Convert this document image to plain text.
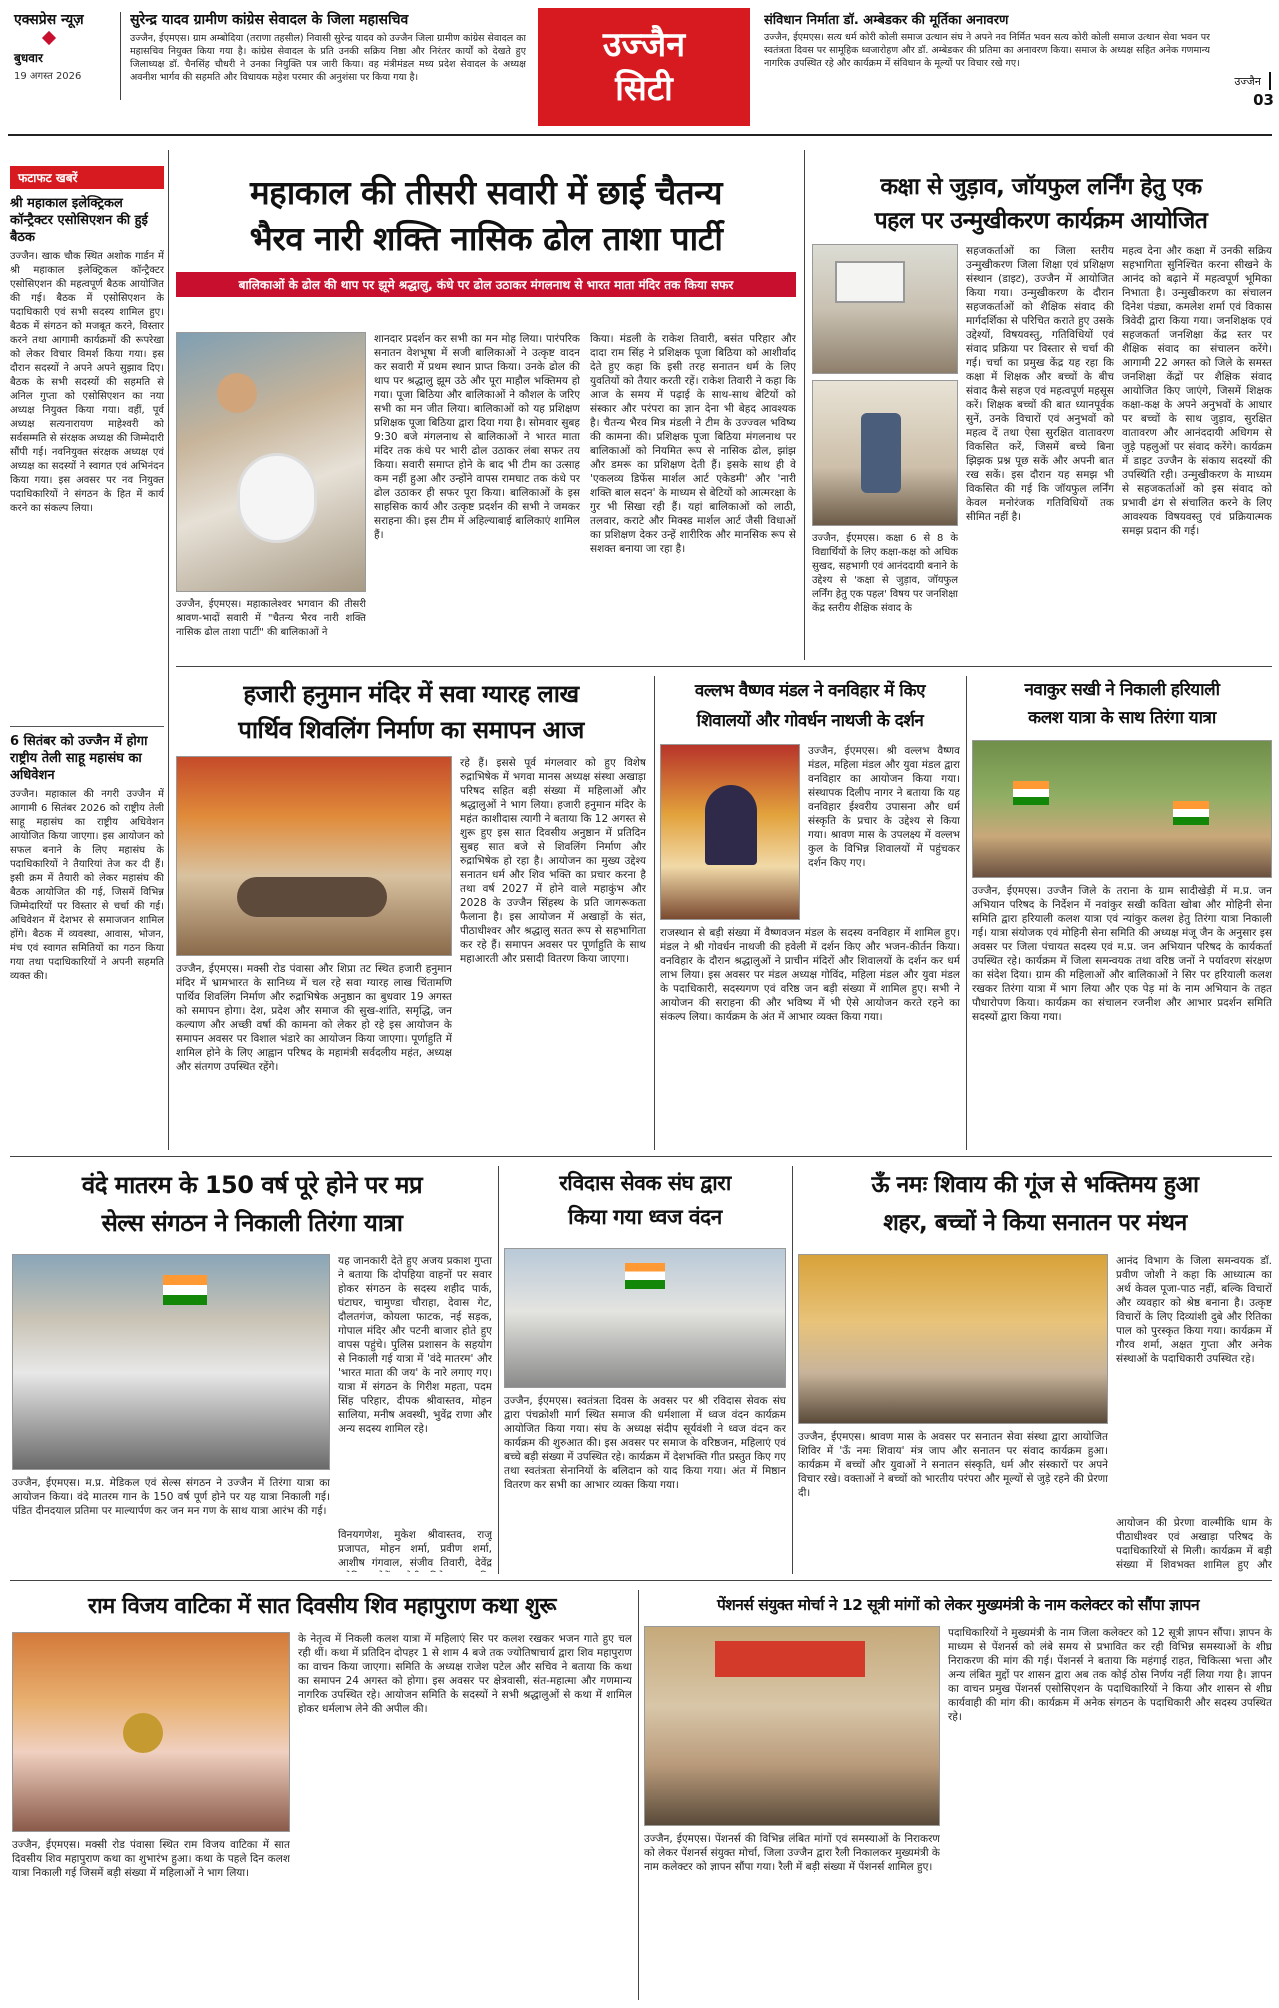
एक्सप्रेस न्यूज़
बुधवार
19 अगस्त 2026
सुरेन्द्र यादव ग्रामीण कांग्रेस सेवादल के जिला महासचिव
उज्जैन, ईएमएस। ग्राम अम्बोदिया (तराणा तहसील) निवासी सुरेन्द्र यादव को उज्जैन जिला ग्रामीण कांग्रेस सेवादल का महासचिव नियुक्त किया गया है। कांग्रेस सेवादल के प्रति उनकी सक्रिय निष्ठा और निरंतर कार्यों को देखते हुए जिलाध्यक्ष डॉ. चैनसिंह चौधरी ने उनका नियुक्ति पत्र जारी किया। वह मंत्रीमंडल मध्य प्रदेश सेवादल के अध्यक्ष अवनीश भार्गव की सहमति और विधायक महेश परमार की अनुशंसा पर किया गया है।
उज्जैन
सिटी
संविधान निर्माता डॉ. अम्बेडकर की मूर्तिका अनावरण
उज्जैन, ईएमएस। सत्य धर्म कोरी कोली समाज उत्थान संघ ने अपने नव निर्मित भवन सत्य कोरी कोली समाज उत्थान सेवा भवन पर स्वतंत्रता दिवस पर सामूहिक ध्वजारोहण और डॉ. अम्बेडकर की प्रतिमा का अनावरण किया। समाज के अध्यक्ष सहित अनेक गणमान्य नागरिक उपस्थित रहे और कार्यक्रम में संविधान के मूल्यों पर विचार रखे गए।
उज्जैन  03
फटाफट खबरें
श्री महाकाल इलेक्ट्रिकल कॉन्ट्रैक्टर एसोसिएशन की हुई बैठक
उज्जैन। खाक चौक स्थित अशोक गार्डन में श्री महाकाल इलेक्ट्रिकल कॉन्ट्रैक्टर एसोसिएशन की महत्वपूर्ण बैठक आयोजित की गई। बैठक में एसोसिएशन के पदाधिकारी एवं सभी सदस्य शामिल हुए। बैठक में संगठन को मजबूत करने, विस्तार करने तथा आगामी कार्यक्रमों की रूपरेखा को लेकर विचार विमर्श किया गया। इस दौरान सदस्यों ने अपने अपने सुझाव दिए। बैठक के सभी सदस्यों की सहमति से अनिल गुप्ता को एसोसिएशन का नया अध्यक्ष नियुक्त किया गया। वहीं, पूर्व अध्यक्ष सत्यनारायण माहेश्वरी को सर्वसम्मति से संरक्षक अध्यक्ष की जिम्मेदारी सौंपी गई। नवनियुक्त संरक्षक अध्यक्ष एवं अध्यक्ष का सदस्यों ने स्वागत एवं अभिनंदन किया गया। इस अवसर पर नव नियुक्त पदाधिकारियों ने संगठन के हित में कार्य करने का संकल्प लिया।
6 सितंबर को उज्जैन में होगा राष्ट्रीय तेली साहू महासंघ का अधिवेशन
उज्जैन। महाकाल की नगरी उज्जैन में आगामी 6 सितंबर 2026 को राष्ट्रीय तेली साहू महासंघ का राष्ट्रीय अधिवेशन आयोजित किया जाएगा। इस आयोजन को सफल बनाने के लिए महासंघ के पदाधिकारियों ने तैयारियां तेज कर दी हैं। इसी क्रम में तैयारी को लेकर महासंघ की बैठक आयोजित की गई, जिसमें विभिन्न जिम्मेदारियों पर विस्तार से चर्चा की गई। अधिवेशन में देशभर से समाजजन शामिल होंगे। बैठक में व्यवस्था, आवास, भोजन, मंच एवं स्वागत समितियों का गठन किया गया तथा पदाधिकारियों ने अपनी सहमति व्यक्त की।
महाकाल की तीसरी सवारी में छाई चैतन्य
भैरव नारी शक्ति नासिक ढोल ताशा पार्टी
बालिकाओं के ढोल की थाप पर झूमे श्रद्धालु, कंधे पर ढोल उठाकर मंगलनाथ से भारत माता मंदिर तक किया सफर
उज्जैन, ईएमएस। महाकालेश्वर भगवान की तीसरी श्रावण-भादों सवारी में "चैतन्य भैरव नारी शक्ति नासिक ढोल ताशा पार्टी" की बालिकाओं ने
शानदार प्रदर्शन कर सभी का मन मोह लिया। पारंपरिक सनातन वेशभूषा में सजी बालिकाओं ने उत्कृष्ट वादन कर सवारी में प्रथम स्थान प्राप्त किया। उनके ढोल की थाप पर श्रद्धालु झूम उठे और पूरा माहौल भक्तिमय हो गया। पूजा बिठिया और बालिकाओं ने कौशल के जरिए सभी का मन जीत लिया। बालिकाओं को यह प्रशिक्षण प्रशिक्षक पूजा बिठिया द्वारा दिया गया है। सोमवार सुबह 9:30 बजे मंगलनाथ से बालिकाओं ने भारत माता मंदिर तक कंधे पर भारी ढोल उठाकर लंबा सफर तय किया। सवारी समाप्त होने के बाद भी टीम का उत्साह कम नहीं हुआ और उन्होंने वापस रामघाट तक कंधे पर ढोल उठाकर ही सफर पूरा किया। बालिकाओं के इस साहसिक कार्य और उत्कृष्ट प्रदर्शन की सभी ने जमकर सराहना की। इस टीम में अहिल्याबाई बालिकाएं शामिल हैं।
किया। मंडली के राकेश तिवारी, बसंत परिहार और दादा राम सिंह ने प्रशिक्षक पूजा बिठिया को आशीर्वाद देते हुए कहा कि इसी तरह सनातन धर्म के लिए युवतियों को तैयार करती रहें। राकेश तिवारी ने कहा कि आज के समय में पढ़ाई के साथ-साथ बेटियों को संस्कार और परंपरा का ज्ञान देना भी बेहद आवश्यक है। चैतन्य भैरव मित्र मंडली ने टीम के उज्ज्वल भविष्य की कामना की। प्रशिक्षक पूजा बिठिया मंगलनाथ पर बालिकाओं को नियमित रूप से नासिक ढोल, झांझ और डमरू का प्रशिक्षण देती हैं। इसके साथ ही वे 'एकलव्य डिफेंस मार्शल आर्ट एकेडमी' और 'नारी शक्ति बाल सदन' के माध्यम से बेटियों को आत्मरक्षा के गुर भी सिखा रही हैं। यहां बालिकाओं को लाठी, तलवार, कराटे और मिक्स्ड मार्शल आर्ट जैसी विधाओं का प्रशिक्षण देकर उन्हें शारीरिक और मानसिक रूप से सशक्त बनाया जा रहा है।
कक्षा से जुड़ाव, जॉयफुल लर्निंग हेतु एक
पहल पर उन्मुखीकरण कार्यक्रम आयोजित
उज्जैन, ईएमएस। कक्षा 6 से 8 के विद्यार्थियों के लिए कक्षा-कक्ष को अधिक सुखद, सहभागी एवं आनंददायी बनाने के उद्देश्य से 'कक्षा से जुड़ाव, जॉयफुल लर्निंग हेतु एक पहल' विषय पर जनशिक्षा केंद्र स्तरीय शैक्षिक संवाद के
सहजकर्ताओं का जिला स्तरीय उन्मुखीकरण जिला शिक्षा एवं प्रशिक्षण संस्थान (डाइट), उज्जैन में आयोजित किया गया। उन्मुखीकरण के दौरान सहजकर्ताओं को शैक्षिक संवाद की मार्गदर्शिका से परिचित कराते हुए उसके उद्देश्यों, विषयवस्तु, गतिविधियों एवं संवाद प्रक्रिया पर विस्तार से चर्चा की गई। चर्चा का प्रमुख केंद्र यह रहा कि कक्षा में शिक्षक और बच्चों के बीच संवाद कैसे सहज एवं महत्वपूर्ण महसूस करें। शिक्षक बच्चों की बात ध्यानपूर्वक सुनें, उनके विचारों एवं अनुभवों को महत्व दें तथा ऐसा सुरक्षित वातावरण विकसित करें, जिसमें बच्चे बिना झिझक प्रश्न पूछ सकें और अपनी बात रख सकें। इस दौरान यह समझ भी विकसित की गई कि जॉयफुल लर्निंग केवल मनोरंजक गतिविधियों तक सीमित नहीं है।
महत्व देना और कक्षा में उनकी सक्रिय सहभागिता सुनिश्चित करना सीखने के आनंद को बढ़ाने में महत्वपूर्ण भूमिका निभाता है। उन्मुखीकरण का संचालन दिनेश पंड्या, कमलेश शर्मा एवं विकास त्रिवेदी द्वारा किया गया। जनशिक्षक एवं सहजकर्ता जनशिक्षा केंद्र स्तर पर शैक्षिक संवाद का संचालन करेंगे। आगामी 22 अगस्त को जिले के समस्त जनशिक्षा केंद्रों पर शैक्षिक संवाद आयोजित किए जाएंगे, जिसमें शिक्षक कक्षा-कक्ष के अपने अनुभवों के आधार पर बच्चों के साथ जुड़ाव, सुरक्षित वातावरण और आनंददायी अधिगम से जुड़े पहलुओं पर संवाद करेंगे। कार्यक्रम में डाइट उज्जैन के संकाय सदस्यों की उपस्थिति रही। उन्मुखीकरण के माध्यम से सहजकर्ताओं को इस संवाद को प्रभावी ढंग से संचालित करने के लिए आवश्यक विषयवस्तु एवं प्रक्रियात्मक समझ प्रदान की गई।
हजारी हनुमान मंदिर में सवा ग्यारह लाख
पार्थिव शिवलिंग निर्माण का समापन आज
उज्जैन, ईएमएस। मक्सी रोड पंवासा और शिप्रा तट स्थित हजारी हनुमान मंदिर में भ्रामभारत के सानिध्य में चल रहे सवा ग्यारह लाख चिंतामणि पार्थिव शिवलिंग निर्माण और रुद्राभिषेक अनुष्ठान का बुधवार 19 अगस्त को समापन होगा। देश, प्रदेश और समाज की सुख-शांति, समृद्धि, जन कल्याण और अच्छी वर्षा की कामना को लेकर हो रहे इस आयोजन के समापन अवसर पर विशाल भंडारे का आयोजन किया जाएगा। पूर्णाहुति में शामिल होने के लिए आह्वान परिषद के महामंत्री सर्वदलीय महंत, अध्यक्ष और संतगण उपस्थित रहेंगे।
रहे हैं। इससे पूर्व मंगलवार को हुए विशेष रुद्राभिषेक में भगवा मानस अध्यक्ष संस्था अखाड़ा परिषद सहित बड़ी संख्या में महिलाओं और श्रद्धालुओं ने भाग लिया। हजारी हनुमान मंदिर के महंत काशीदास त्यागी ने बताया कि 12 अगस्त से शुरू हुए इस सात दिवसीय अनुष्ठान में प्रतिदिन सुबह सात बजे से शिवलिंग निर्माण और रुद्राभिषेक हो रहा है। आयोजन का मुख्य उद्देश्य सनातन धर्म और शिव भक्ति का प्रचार करना है तथा वर्ष 2027 में होने वाले महाकुंभ और 2028 के उज्जैन सिंहस्थ के प्रति जागरूकता फैलाना है। इस आयोजन में अखाड़ों के संत, पीठाधीश्वर और श्रद्धालु सतत रूप से सहभागिता कर रहे हैं। समापन अवसर पर पूर्णाहुति के साथ महाआरती और प्रसादी वितरण किया जाएगा।
वल्लभ वैष्णव मंडल ने वनविहार में किए
शिवालयों और गोवर्धन नाथजी के दर्शन
उज्जैन, ईएमएस। श्री वल्लभ वैष्णव मंडल, महिला मंडल और युवा मंडल द्वारा वनविहार का आयोजन किया गया। संस्थापक दिलीप नागर ने बताया कि यह वनविहार ईश्वरीय उपासना और धर्म संस्कृति के प्रचार के उद्देश्य से किया गया। श्रावण मास के उपलक्ष्य में वल्लभ कुल के विभिन्न शिवालयों में पहुंचकर दर्शन किए गए।
राजस्थान से बड़ी संख्या में वैष्णवजन मंडल के सदस्य वनविहार में शामिल हुए। मंडल ने श्री गोवर्धन नाथजी की हवेली में दर्शन किए और भजन-कीर्तन किया। वनविहार के दौरान श्रद्धालुओं ने प्राचीन मंदिरों और शिवालयों के दर्शन कर धर्म लाभ लिया। इस अवसर पर मंडल अध्यक्ष गोविंद, महिला मंडल और युवा मंडल के पदाधिकारी, सदस्यगण एवं वरिष्ठ जन बड़ी संख्या में शामिल हुए। सभी ने आयोजन की सराहना की और भविष्य में भी ऐसे आयोजन करते रहने का संकल्प लिया। कार्यक्रम के अंत में आभार व्यक्त किया गया।
नवाकुर सखी ने निकाली हरियाली
कलश यात्रा के साथ तिरंगा यात्रा
उज्जैन, ईएमएस। उज्जैन जिले के तराना के ग्राम सादीखेड़ी में म.प्र. जन अभियान परिषद के निर्देशन में नवांकुर सखी कविता खोबा और मोहिनी सेना समिति द्वारा हरियाली कलश यात्रा एवं न्यांकुर कलश हेतु तिरंगा यात्रा निकाली गई। यात्रा संयोजक एवं मोहिनी सेना समिति की अध्यक्ष मंजू जैन के अनुसार इस अवसर पर जिला पंचायत सदस्य एवं म.प्र. जन अभियान परिषद के कार्यकर्ता उपस्थित रहे। कार्यक्रम में जिला समन्वयक तथा वरिष्ठ जनों ने पर्यावरण संरक्षण का संदेश दिया। ग्राम की महिलाओं और बालिकाओं ने सिर पर हरियाली कलश रखकर तिरंगा यात्रा में भाग लिया और एक पेड़ मां के नाम अभियान के तहत पौधारोपण किया। कार्यक्रम का संचालन रजनीश और आभार प्रदर्शन समिति सदस्यों द्वारा किया गया।
वंदे मातरम के 150 वर्ष पूरे होने पर मप्र
सेल्स संगठन ने निकाली तिरंगा यात्रा
यह जानकारी देते हुए अजय प्रकाश गुप्ता ने बताया कि दोपहिया वाहनों पर सवार होकर संगठन के सदस्य शहीद पार्क, घंटाघर, चामुण्डा चौराहा, देवास गेट, दौलतगंज, कोयला फाटक, नई सड़क, गोपाल मंदिर और पटनी बाजार होते हुए वापस पहुंचे। पुलिस प्रशासन के सहयोग से निकाली गई यात्रा में 'वंदे मातरम' और 'भारत माता की जय' के नारे लगाए गए। यात्रा में संगठन के गिरीश महता, पदम सिंह परिहार, दीपक श्रीवास्तव, मोहन सालिया, मनीष अवस्थी, भुवेंद्र राणा और अन्य सदस्य शामिल रहे।
उज्जैन, ईएमएस। म.प्र. मेडिकल एवं सेल्स संगठन ने उज्जैन में तिरंगा यात्रा का आयोजन किया। वंदे मातरम गान के 150 वर्ष पूर्ण होने पर यह यात्रा निकाली गई। पंडित दीनदयाल प्रतिमा पर माल्यार्पण कर जन मन गण के साथ यात्रा आरंभ की गई।
विनयगणेश, मुकेश श्रीवास्तव, राजू प्रजापत, मोहन शर्मा, प्रवीण शर्मा, आशीष गंगवाल, संजीव तिवारी, देवेंद्र
रविदास सेवक संघ द्वारा
किया गया ध्वज वंदन
उज्जैन, ईएमएस। स्वतंत्रता दिवस के अवसर पर श्री रविदास सेवक संघ द्वारा पंचक्रोशी मार्ग स्थित समाज की धर्मशाला में ध्वज वंदन कार्यक्रम आयोजित किया गया। संघ के अध्यक्ष संदीप सूर्यवंशी ने ध्वज वंदन कर कार्यक्रम की शुरुआत की। इस अवसर पर समाज के वरिष्ठजन, महिलाएं एवं बच्चे बड़ी संख्या में उपस्थित रहे। कार्यक्रम में देशभक्ति गीत प्रस्तुत किए गए तथा स्वतंत्रता सेनानियों के बलिदान को याद किया गया। अंत में मिष्ठान वितरण कर सभी का आभार व्यक्त किया गया।
ऊँ नमः शिवाय की गूंज से भक्तिमय हुआ
शहर, बच्चों ने किया सनातन पर मंथन
आनंद विभाग के जिला समन्वयक डॉ. प्रवीण जोशी ने कहा कि आध्यात्म का अर्थ केवल पूजा-पाठ नहीं, बल्कि विचारों और व्यवहार को श्रेष्ठ बनाना है। उत्कृष्ट विचारों के लिए दिव्यांशी दुबे और रितिका पाल को पुरस्कृत किया गया। कार्यक्रम में गौरव शर्मा, अक्षत गुप्ता और अनेक संस्थाओं के पदाधिकारी उपस्थित रहे।
उज्जैन, ईएमएस। श्रावण मास के अवसर पर सनातन सेवा संस्था द्वारा आयोजित शिविर में 'ऊँ नमः शिवाय' मंत्र जाप और सनातन पर संवाद कार्यक्रम हुआ। कार्यक्रम में बच्चों और युवाओं ने सनातन संस्कृति, धर्म और संस्कारों पर अपने विचार रखे। वक्ताओं ने बच्चों को भारतीय परंपरा और मूल्यों से जुड़े रहने की प्रेरणा दी।
आयोजन की प्रेरणा वाल्मीकि धाम के पीठाधीश्वर एवं अखाड़ा परिषद के पदाधिकारियों से मिली। कार्यक्रम में बड़ी संख्या में शिवभक्त शामिल हुए और
राम विजय वाटिका में सात दिवसीय शिव महापुराण कथा शुरू
उज्जैन, ईएमएस। मक्सी रोड पंवासा स्थित राम विजय वाटिका में सात दिवसीय शिव महापुराण कथा का शुभारंभ हुआ। कथा के पहले दिन कलश यात्रा निकाली गई जिसमें बड़ी संख्या में महिलाओं ने भाग लिया।
के नेतृत्व में निकली कलश यात्रा में महिलाएं सिर पर कलश रखकर भजन गाते हुए चल रही थीं। कथा में प्रतिदिन दोपहर 1 से शाम 4 बजे तक ज्योतिषाचार्य द्वारा शिव महापुराण का वाचन किया जाएगा। समिति के अध्यक्ष राजेश पटेल और सचिव ने बताया कि कथा का समापन 24 अगस्त को होगा। इस अवसर पर क्षेत्रवासी, संत-महात्मा और गणमान्य नागरिक उपस्थित रहे। आयोजन समिति के सदस्यों ने सभी श्रद्धालुओं से कथा में शामिल होकर धर्मलाभ लेने की अपील की।
पेंशनर्स संयुक्त मोर्चा ने 12 सूत्री मांगों को लेकर मुख्यमंत्री के नाम कलेक्टर को सौंपा ज्ञापन
उज्जैन, ईएमएस। पेंशनर्स की विभिन्न लंबित मांगों एवं समस्याओं के निराकरण को लेकर पेंशनर्स संयुक्त मोर्चा, जिला उज्जैन द्वारा रैली निकालकर मुख्यमंत्री के नाम कलेक्टर को ज्ञापन सौंपा गया। रैली में बड़ी संख्या में पेंशनर्स शामिल हुए।
पदाधिकारियों ने मुख्यमंत्री के नाम जिला कलेक्टर को 12 सूत्री ज्ञापन सौंपा। ज्ञापन के माध्यम से पेंशनर्स को लंबे समय से प्रभावित कर रही विभिन्न समस्याओं के शीघ्र निराकरण की मांग की गई। पेंशनर्स ने बताया कि महंगाई राहत, चिकित्सा भत्ता और अन्य लंबित मुद्दों पर शासन द्वारा अब तक कोई ठोस निर्णय नहीं लिया गया है। ज्ञापन का वाचन प्रमुख पेंशनर्स एसोसिएशन के पदाधिकारियों ने किया और शासन से शीघ्र कार्यवाही की मांग की। कार्यक्रम में अनेक संगठन के पदाधिकारी और सदस्य उपस्थित रहे।
